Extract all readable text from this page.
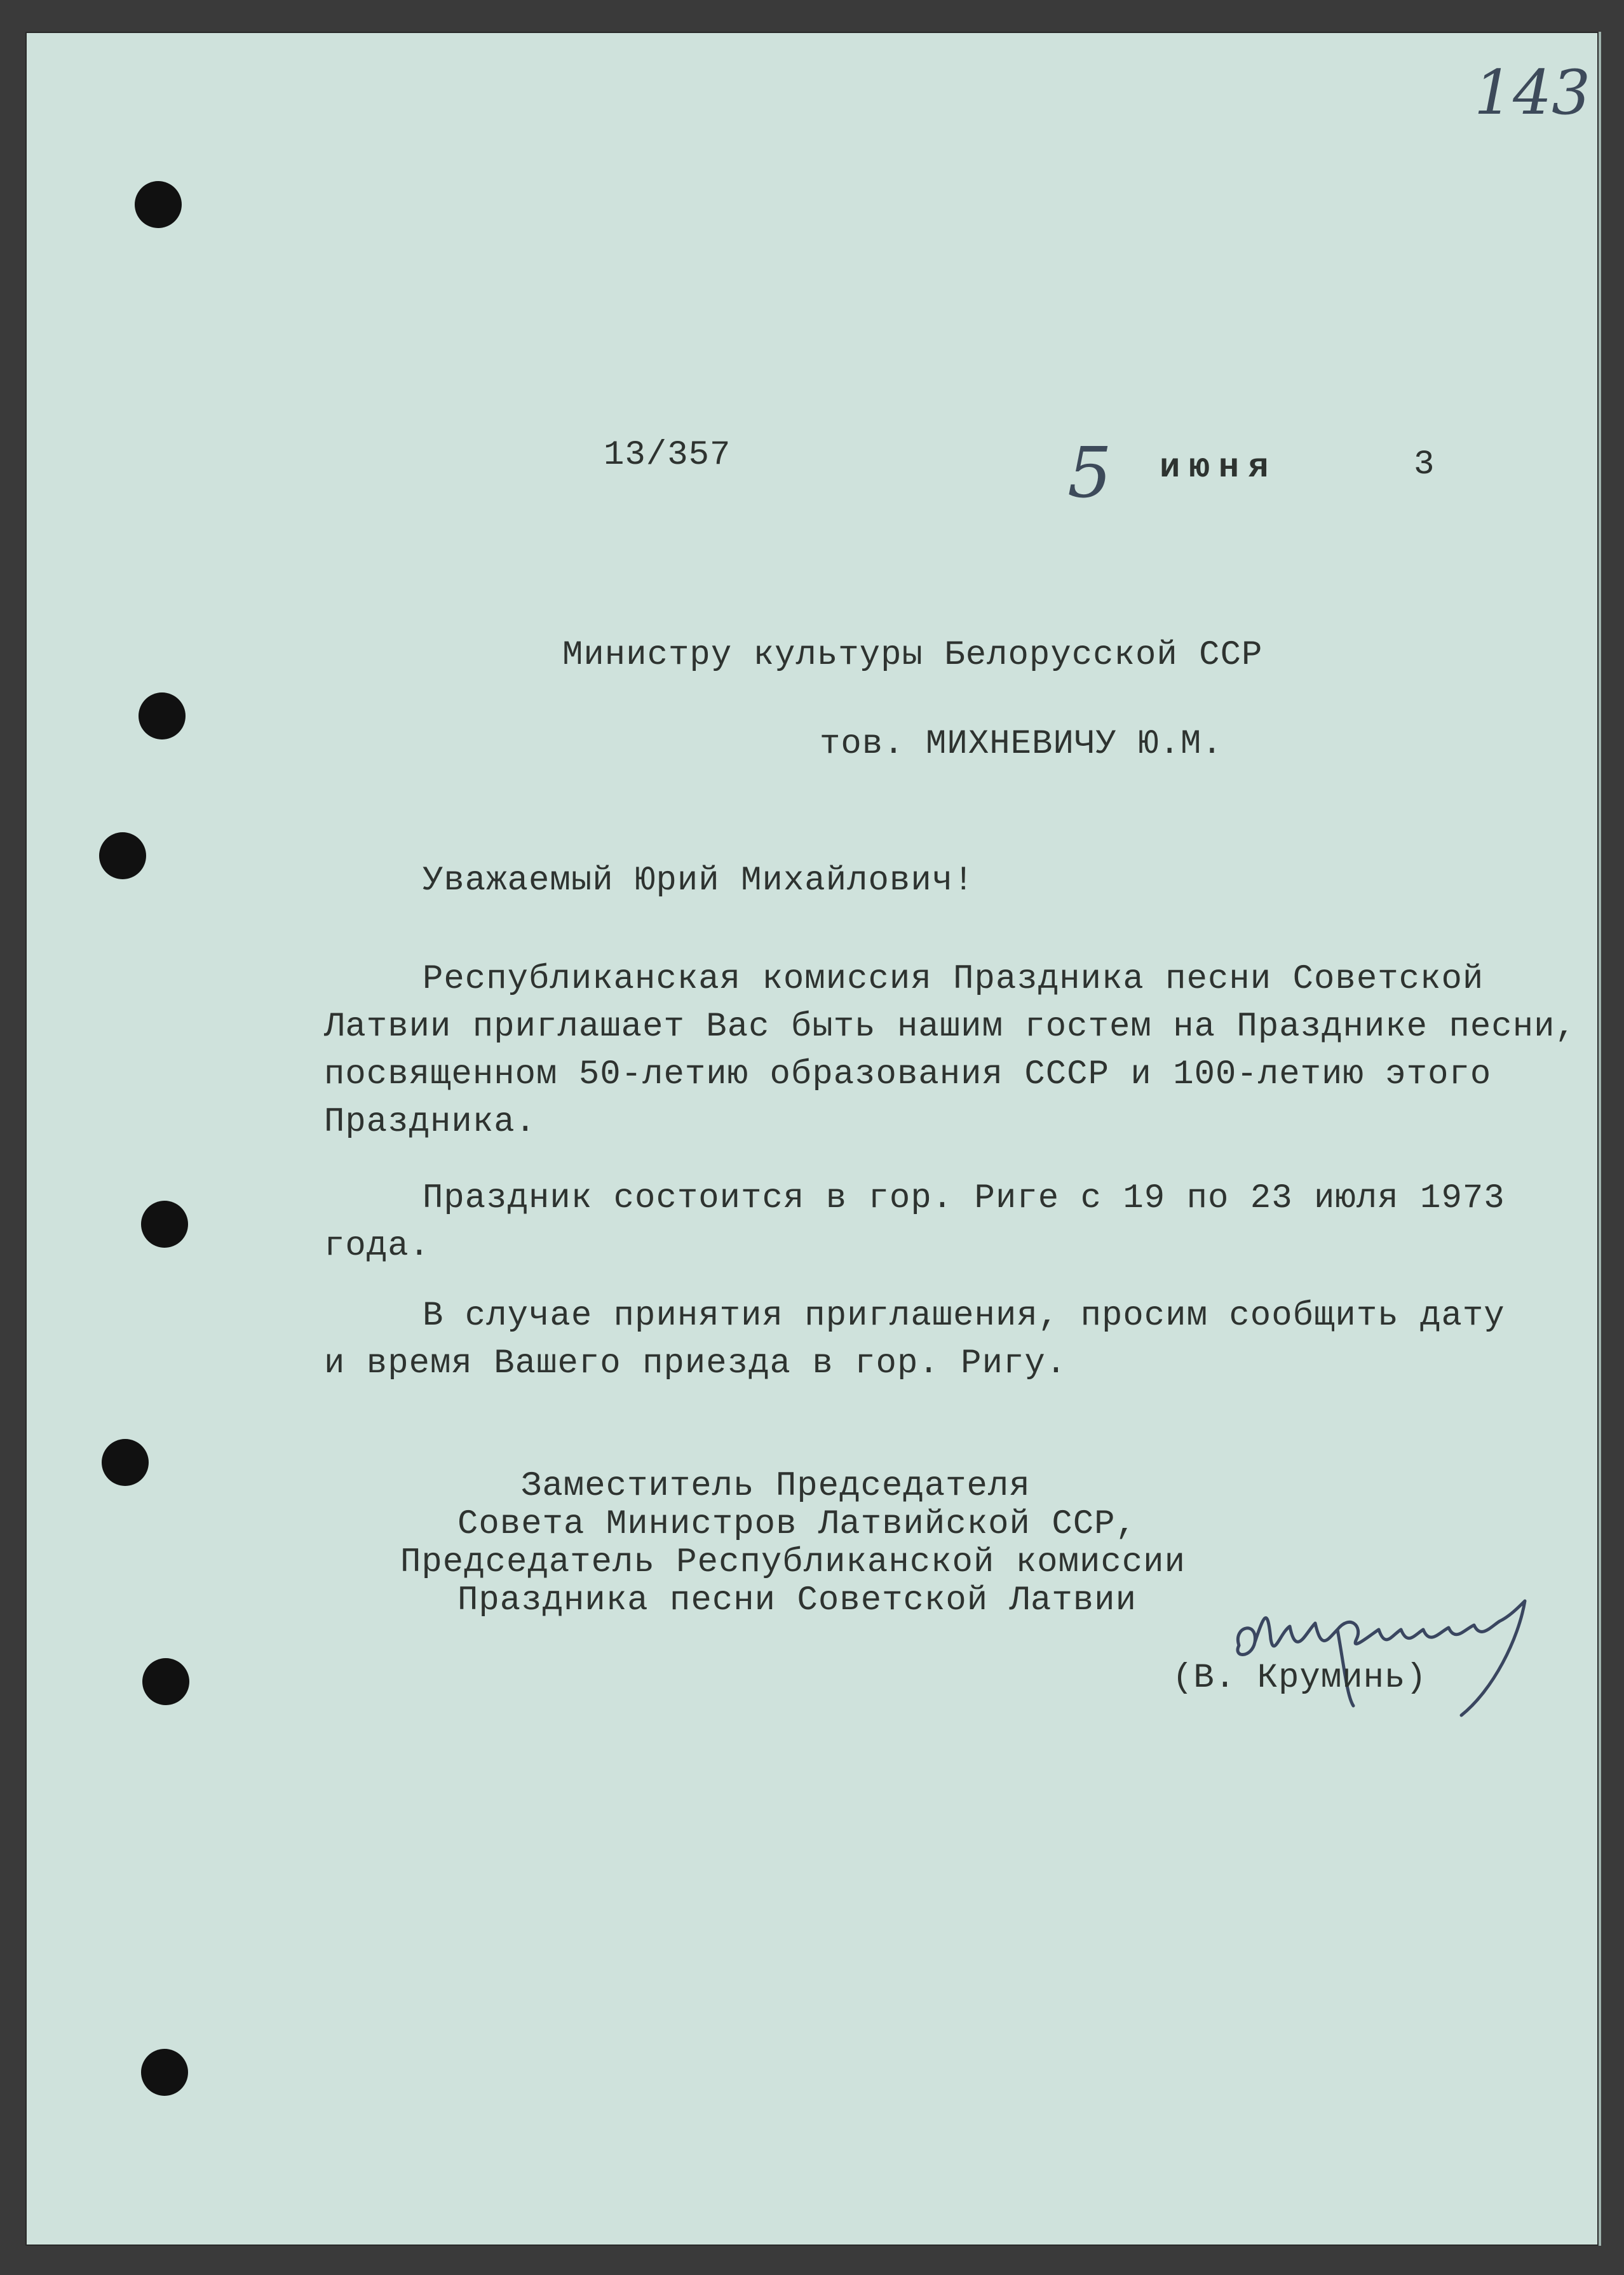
143
13/357	5 июня	3
Министру культуры Белорусской ССР
тов. МИХНЕВИЧУ Ю.М.
Уважаемый Юрий Михайлович!
Республиканская комиссия Праздника песни Советской
Латвии приглашает Вас быть нашим гостем на Празднике песни,
посвященном 50-летию образования СССР и 100-летию этого
Праздника.
Праздник состоится в гор. Риге с 19 по 23 июля 1973
года.
В случае принятия приглашения, просим сообщить дату
и время Вашего приезда в гор. Ригу.
Заместитель Председателя
Совета Министров Латвийской ССР,
Председатель Республиканской комиссии
Праздника песни Советской Латвии
(В. Круминь)
